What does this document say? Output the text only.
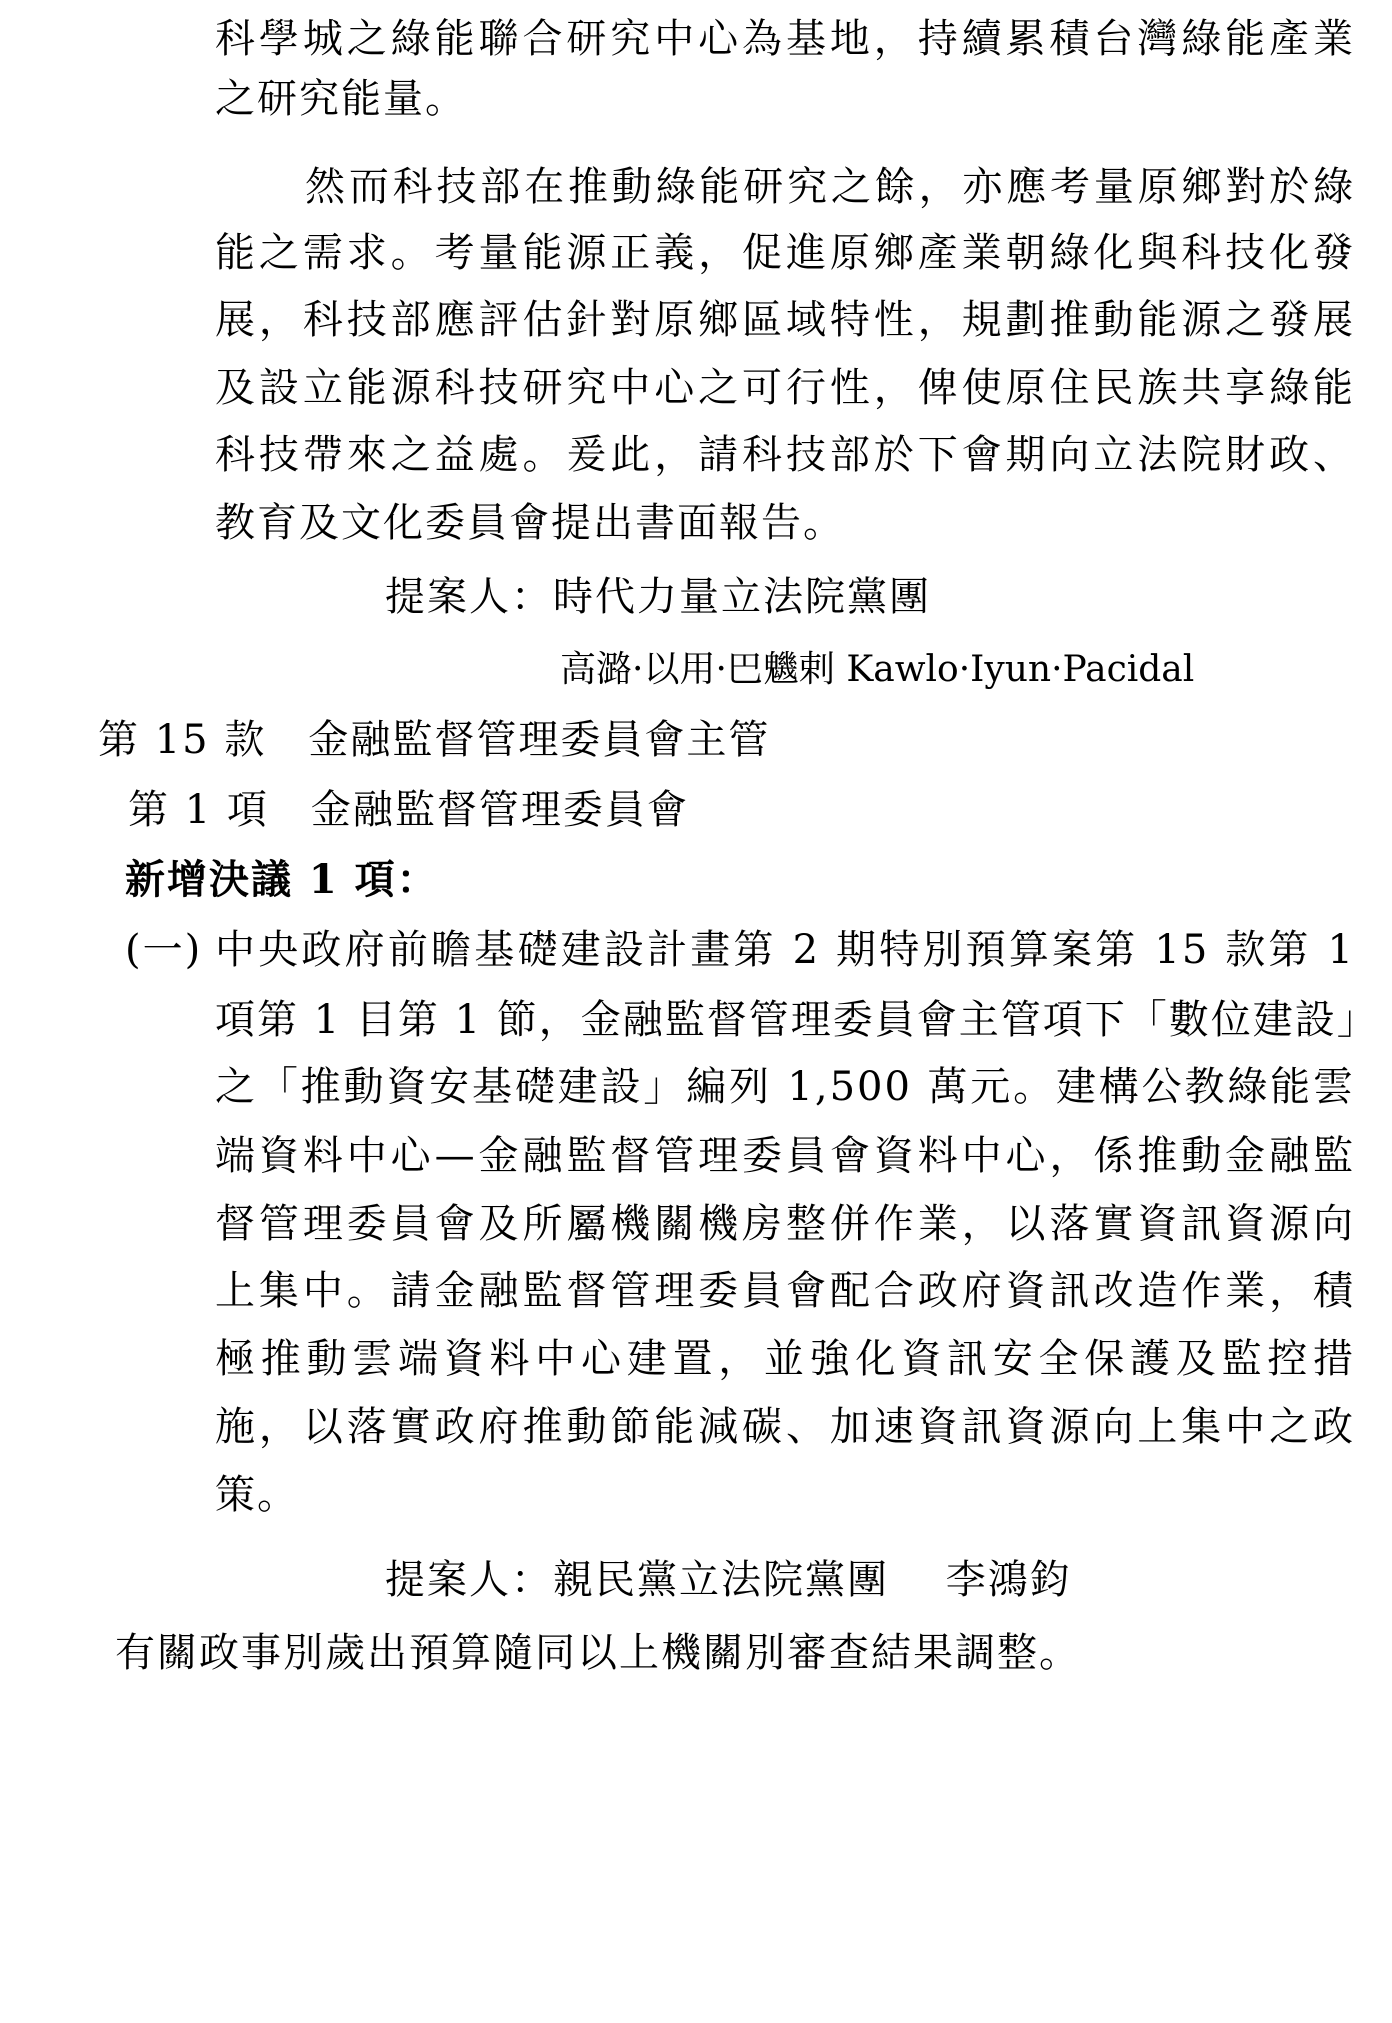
科學城之綠能聯合研究中心為基地，持續累積台灣綠能產業
之研究能量。
然而科技部在推動綠能研究之餘，亦應考量原鄉對於綠
能之需求。考量能源正義，促進原鄉產業朝綠化與科技化發
展，科技部應評估針對原鄉區域特性，規劃推動能源之發展
及設立能源科技研究中心之可行性，俾使原住民族共享綠能
科技帶來之益處。爰此，請科技部於下會期向立法院財政、
教育及文化委員會提出書面報告。
提案人：時代力量立法院黨團
高潞·以用·巴魕剌 Kawlo·Iyun·Pacidal
第 15 款　金融監督管理委員會主管
第 1 項　金融監督管理委員會
新增決議 1 項：
(一) 中央政府前瞻基礎建設計畫第 2 期特別預算案第 15 款第 1
項第 1 目第 1 節，金融監督管理委員會主管項下「數位建設」
之「推動資安基礎建設」編列 1,500 萬元。建構公教綠能雲
端資料中心—金融監督管理委員會資料中心，係推動金融監
督管理委員會及所屬機關機房整併作業，以落實資訊資源向
上集中。請金融監督管理委員會配合政府資訊改造作業，積
極推動雲端資料中心建置，並強化資訊安全保護及監控措
施，以落實政府推動節能減碳、加速資訊資源向上集中之政
策。
提案人：親民黨立法院黨團　 李鴻鈞
有關政事別歲出預算隨同以上機關別審查結果調整。
